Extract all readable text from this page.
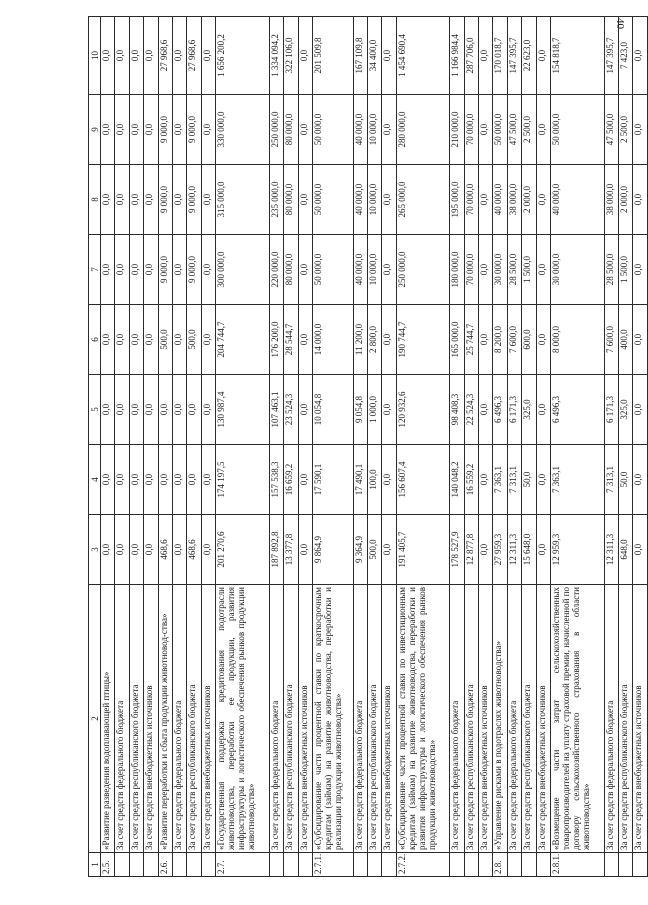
40
1	2	3	4	5	6	7	8	9	10
2.5.	«Развитие разведения водоплавающей птицы»	0,0	0,0	0,0	0,0	0,0	0,0	0,0	0,0
	За счет средств федерального бюджета	0,0	0,0	0,0	0,0	0,0	0,0	0,0	0,0
	За счет средств республиканского бюджета	0,0	0,0	0,0	0,0	0,0	0,0	0,0	0,0
	За счет средств внебюджетных источников	0,0	0,0	0,0	0,0	0,0	0,0	0,0	0,0
2.6.	«Развитие переработки и сбыта продукции животновод-ства»	468,6	0,0	0,0	500,0	9 000,0	9 000,0	9 000,0	27 968,6
	За счет средств федерального бюджета	0,0	0,0	0,0	0,0	0,0	0,0	0,0	0,0
	За счет средств республиканского бюджета	468,6	0,0	0,0	500,0	9 000,0	9 000,0	9 000,0	27 968,6
	За счет средств внебюджетных источников	0,0	0,0	0,0	0,0	0,0	0,0	0,0	0,0
2.7.	«Государственная поддержка кредитования подотрасли животноводства, переработки ее продукции, развития инфраструктуры и логистического обеспечения рынков продукции животноводства»	201 270,6	174 197,5	130 987,4	204 744,7	300 000,0	315 000,0	330 000,0	1 656 200,2
	За счет средств федерального бюджета	187 892,8	157 538,3	107 463,1	176 200,0	220 000,0	235 000,0	250 000,0	1 334 094,2
	За счет средств республиканского бюджета	13 377,8	16 659,2	23 524,3	28 544,7	80 000,0	80 000,0	80 000,0	322 106,0
	За счет средств внебюджетных источников	0,0	0,0	0,0	0,0	0,0	0,0	0,0	0,0
2.7.1.	«Субсидирование части процентной ставки по краткосрочным кредитам (займам) на развитие животноводства, переработки и реализации продукции животноводства»	9 864,9	17 590,1	10 054,8	14 000,0	50 000,0	50 000,0	50 000,0	201 509,8
	За счет средств федерального бюджета	9 364,9	17 490,1	9 054,8	11 200,0	40 000,0	40 000,0	40 000,0	167 109,8
	За счет средств республиканского бюджета	500,0	100,0	1 000,0	2 800,0	10 000,0	10 000,0	10 000,0	34 400,0
	За счет средств внебюджетных источников	0,0	0,0	0,0	0,0	0,0	0,0	0,0	0,0
2.7.2.	«Субсидирование части процентной ставки по инвестиционным кредитам (займам) на развитие животноводства, переработки и развития инфраструктуры и логистического обеспечения рынков продукции животноводства»	191 405,7	156 607,4	120 932,6	190 744,7	250 000,0	265 000,0	280 000,0	1 454 690,4
	За счет средств федерального бюджета	178 527,9	140 048,2	98 408,3	165 000,0	180 000,0	195 000,0	210 000,0	1 166 984,4
	За счет средств республиканского бюджета	12 877,8	16 559,2	22 524,3	25 744,7	70 000,0	70 000,0	70 000,0	287 706,0
	За счет средств внебюджетных источников	0,0	0,0	0,0	0,0	0,0	0,0	0,0	0,0
2.8.	«Управление рисками в подотраслях животноводства»	27 959,3	7 363,1	6 496,3	8 200,0	30 000,0	40 000,0	50 000,0	170 018,7
	За счет средств федерального бюджета	12 311,3	7 313,1	6 171,3	7 600,0	28 500,0	38 000,0	47 500,0	147 395,7
	За счет средств республиканского бюджета	15 648,0	50,0	325,0	600,0	1 500,0	2 000,0	2 500,0	22 623,0
	За счет средств внебюджетных источников	0,0	0,0	0,0	0,0	0,0	0,0	0,0	0,0
2.8.1.	«Возмещение части затрат сельскохозяйственных товаропроизводителей на уплату страховой премии, начисленной по договору сельскохозяйственного страхования в области животноводства»	12 959,3	7 363,1	6 496,3	8 000,0	30 000,0	40 000,0	50 000,0	154 818,7
	За счет средств федерального бюджета	12 311,3	7 313,1	6 171,3	7 600,0	28 500,0	38 000,0	47 500,0	147 395,7
	За счет средств республиканского бюджета	648,0	50,0	325,0	400,0	1 500,0	2 000,0	2 500,0	7 423,0
	За счет средств внебюджетных источников	0,0	0,0	0,0	0,0	0,0	0,0	0,0	0,0
